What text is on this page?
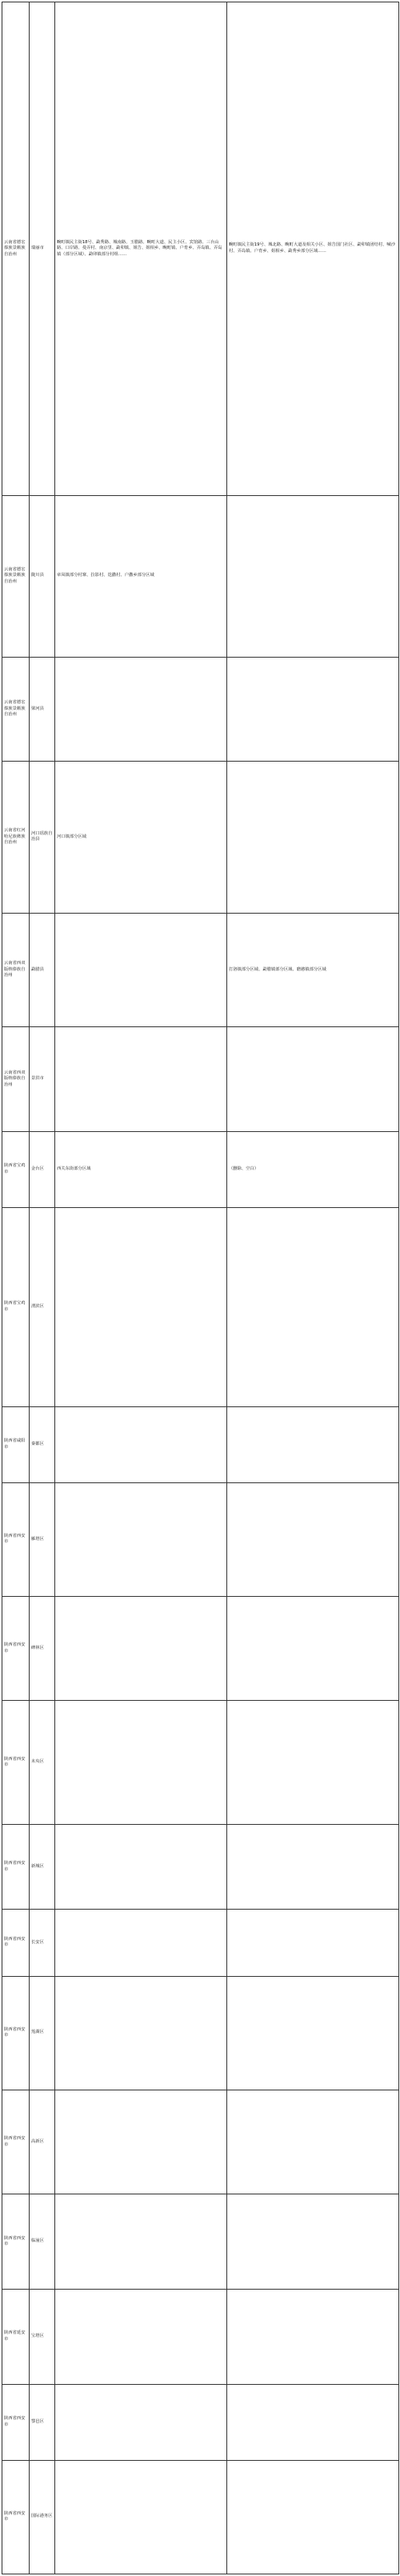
云南省德宏傣族景颇族自治州	瑞丽市	畹町镇民主街18号、勐秀路、城南路、玉腊路、畹町大道、民主小区、宾馆路、三台山路、口岸路、曼弄村、南京里、勐卯镇、姐告、姐相乡、畹町镇、户育乡、弄岛镇、弄岛镇（部分区域）、勐卯镇部分村组……	畹町镇民主街19号、城北路、畹町大道及相关小区、姐告国门社区、勐卯镇团结村、喊沙村、弄岛镇、户育乡、姐相乡、勐秀乡部分区域……
云南省德宏傣族景颇族自治州	陇川县	章凤镇部分村寨、拉影村、迭撒村、户撒乡部分区域	
云南省德宏傣族景颇族自治州	梁河县		
云南省红河哈尼族彝族自治州	河口瑶族自治县	河口镇部分区域	
云南省西双版纳傣族自治州	勐腊县		打洛镇部分区域、勐腊镇部分区域、磨憨镇部分区域
云南省西双版纳傣族自治州	景洪市		
陕西省宝鸡市	金台区	西关东街部分区域	（删除、空白）
陕西省宝鸡市	渭滨区		
陕西省咸阳市	秦都区		
陕西省西安市	雁塔区		
陕西省西安市	碑林区		
陕西省西安市	未央区		
陕西省西安市	新城区		
陕西省西安市	长安区		
陕西省西安市	莲湖区		
陕西省西安市	高新区		
陕西省西安市	临潼区		
陕西省延安市	宝塔区		
陕西省西安市	鄠邑区		
陕西省西安市	国际港务区		
